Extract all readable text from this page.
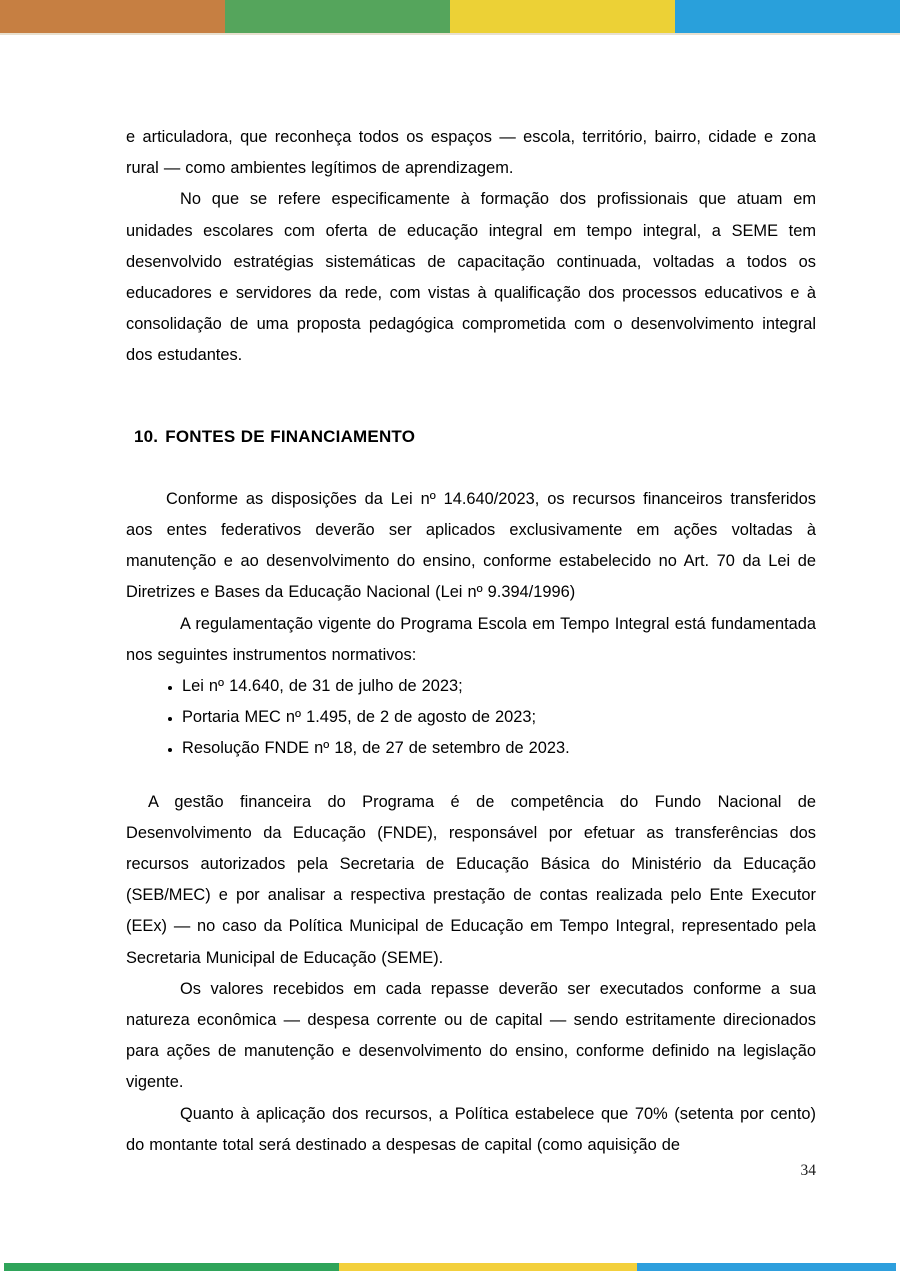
e articuladora, que reconheça todos os espaços — escola, território, bairro, cidade e zona rural — como ambientes legítimos de aprendizagem.

No que se refere especificamente à formação dos profissionais que atuam em unidades escolares com oferta de educação integral em tempo integral, a SEME tem desenvolvido estratégias sistemáticas de capacitação continuada, voltadas a todos os educadores e servidores da rede, com vistas à qualificação dos processos educativos e à consolidação de uma proposta pedagógica comprometida com o desenvolvimento integral dos estudantes.

10. FONTES DE FINANCIAMENTO

Conforme as disposições da Lei nº 14.640/2023, os recursos financeiros transferidos aos entes federativos deverão ser aplicados exclusivamente em ações voltadas à manutenção e ao desenvolvimento do ensino, conforme estabelecido no Art. 70 da Lei de Diretrizes e Bases da Educação Nacional (Lei nº 9.394/1996)

A regulamentação vigente do Programa Escola em Tempo Integral está fundamentada nos seguintes instrumentos normativos:

• Lei nº 14.640, de 31 de julho de 2023;
• Portaria MEC nº 1.495, de 2 de agosto de 2023;
• Resolução FNDE nº 18, de 27 de setembro de 2023.

A gestão financeira do Programa é de competência do Fundo Nacional de Desenvolvimento da Educação (FNDE), responsável por efetuar as transferências dos recursos autorizados pela Secretaria de Educação Básica do Ministério da Educação (SEB/MEC) e por analisar a respectiva prestação de contas realizada pelo Ente Executor (EEx) — no caso da Política Municipal de Educação em Tempo Integral, representado pela Secretaria Municipal de Educação (SEME).

Os valores recebidos em cada repasse deverão ser executados conforme a sua natureza econômica — despesa corrente ou de capital — sendo estritamente direcionados para ações de manutenção e desenvolvimento do ensino, conforme definido na legislação vigente.

Quanto à aplicação dos recursos, a Política estabelece que 70% (setenta por cento) do montante total será destinado a despesas de capital (como aquisição de

34
